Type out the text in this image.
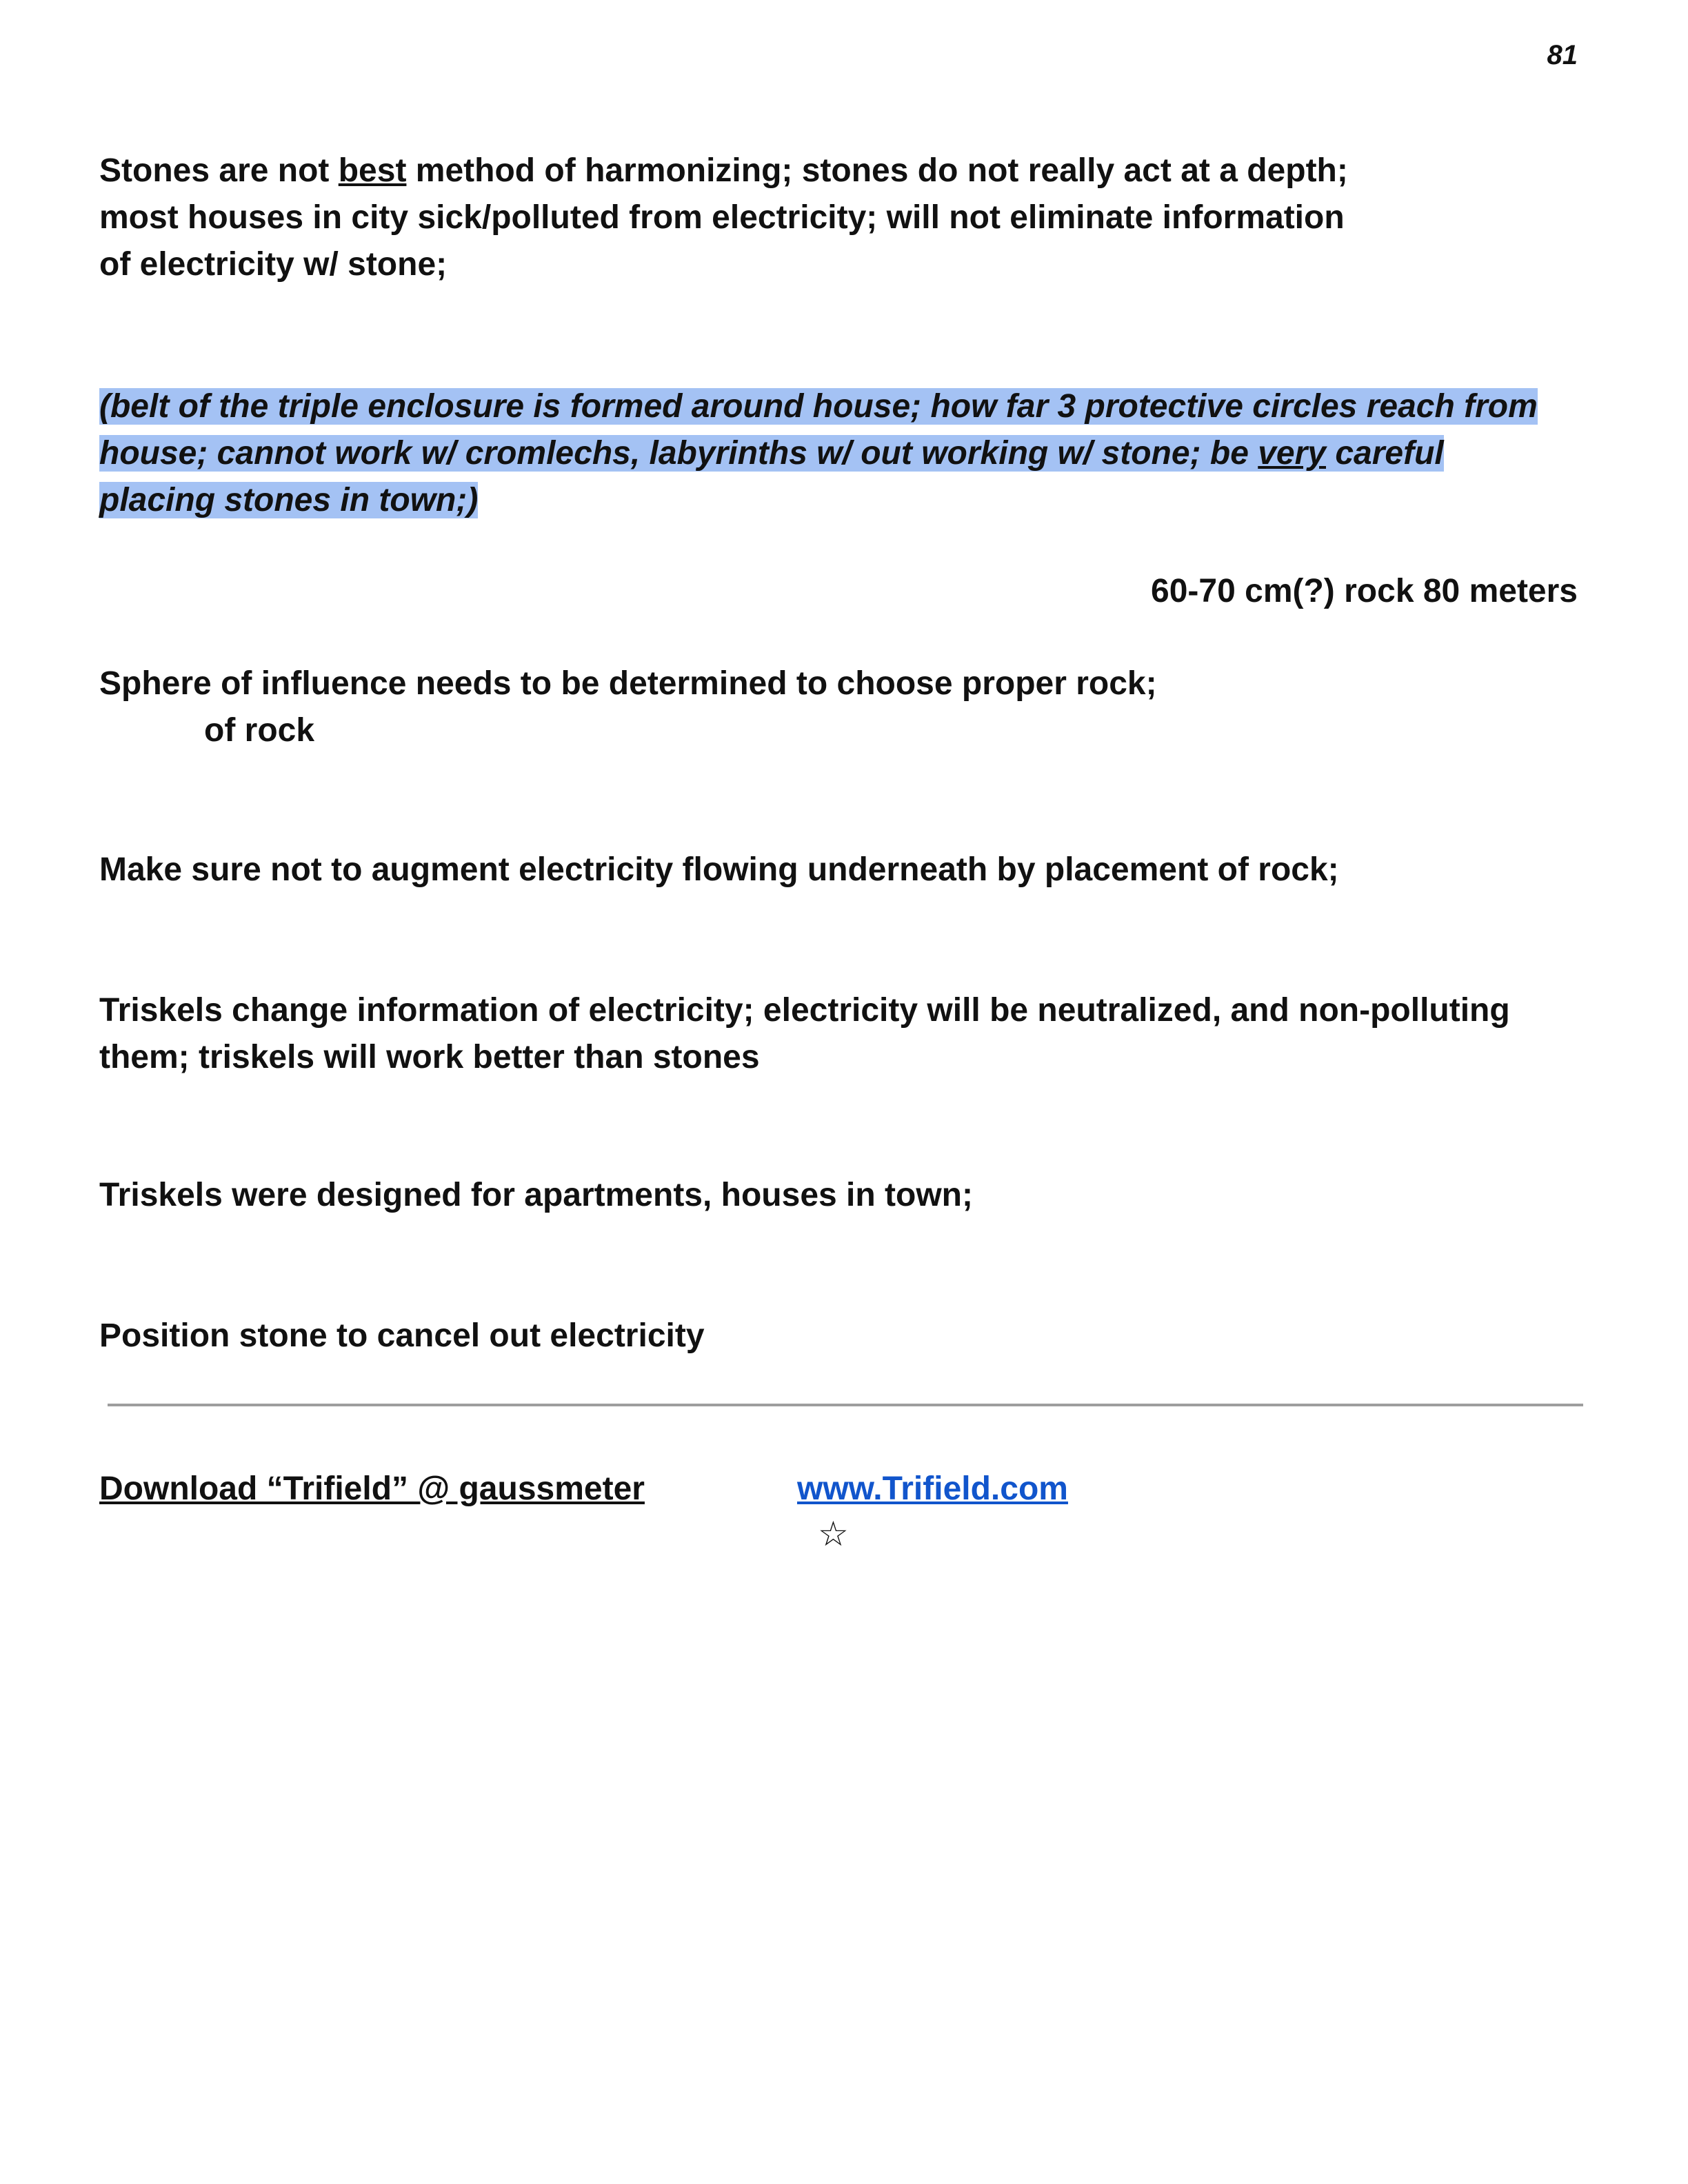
81
Stones are not best method of harmonizing; stones do not really act at a depth;
most houses in city sick/polluted from electricity; will not eliminate information
of electricity w/ stone;
(belt of the triple enclosure is formed around house; how far 3 protective circles reach from
house; cannot work w/ cromlechs, labyrinths w/ out working w/ stone; be very careful
placing stones in town;)
60-70 cm(?) rock 80 meters
Sphere of influence needs to be determined to choose proper rock;
of rock
Make sure not to augment electricity flowing underneath by placement of rock;
Triskels change information of electricity; electricity will be neutralized, and non-polluting
them; triskels will work better than stones
Triskels were designed for apartments, houses in town;
Position stone to cancel out electricity
Download “Trifield” @ gaussmeter	www.Trifield.com
☆
